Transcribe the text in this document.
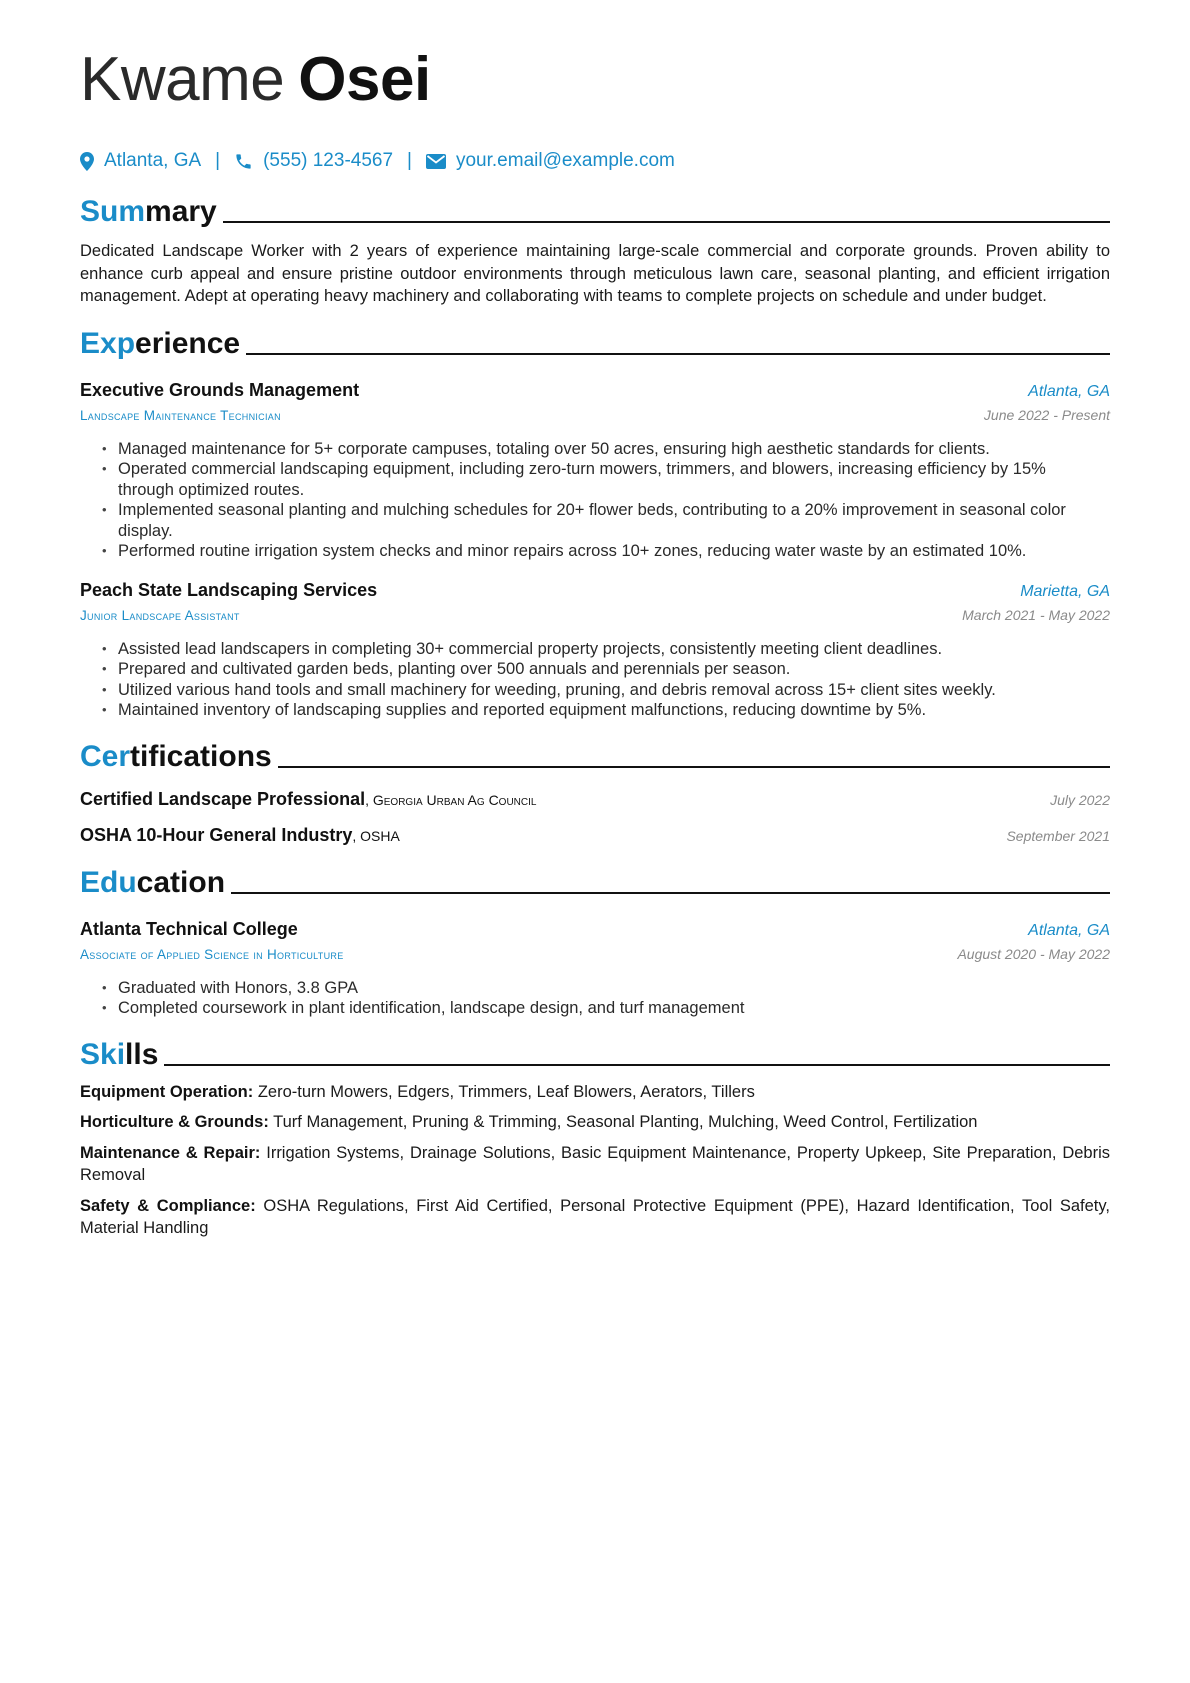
Kwame Osei
Atlanta, GA | (555) 123-4567 | your.email@example.com
Summary
Dedicated Landscape Worker with 2 years of experience maintaining large-scale commercial and corporate grounds. Proven ability to enhance curb appeal and ensure pristine outdoor environments through meticulous lawn care, seasonal planting, and efficient irrigation management. Adept at operating heavy machinery and collaborating with teams to complete projects on schedule and under budget.
Experience
Executive Grounds Management	Atlanta, GA
Landscape Maintenance Technician	June 2022 - Present
• Managed maintenance for 5+ corporate campuses, totaling over 50 acres, ensuring high aesthetic standards for clients.
• Operated commercial landscaping equipment, including zero-turn mowers, trimmers, and blowers, increasing efficiency by 15% through optimized routes.
• Implemented seasonal planting and mulching schedules for 20+ flower beds, contributing to a 20% improvement in seasonal color display.
• Performed routine irrigation system checks and minor repairs across 10+ zones, reducing water waste by an estimated 10%.
Peach State Landscaping Services	Marietta, GA
Junior Landscape Assistant	March 2021 - May 2022
• Assisted lead landscapers in completing 30+ commercial property projects, consistently meeting client deadlines.
• Prepared and cultivated garden beds, planting over 500 annuals and perennials per season.
• Utilized various hand tools and small machinery for weeding, pruning, and debris removal across 15+ client sites weekly.
• Maintained inventory of landscaping supplies and reported equipment malfunctions, reducing downtime by 5%.
Certifications
Certified Landscape Professional, Georgia Urban Ag Council	July 2022
OSHA 10-Hour General Industry, OSHA	September 2021
Education
Atlanta Technical College	Atlanta, GA
Associate of Applied Science in Horticulture	August 2020 - May 2022
• Graduated with Honors, 3.8 GPA
• Completed coursework in plant identification, landscape design, and turf management
Skills
Equipment Operation: Zero-turn Mowers, Edgers, Trimmers, Leaf Blowers, Aerators, Tillers
Horticulture & Grounds: Turf Management, Pruning & Trimming, Seasonal Planting, Mulching, Weed Control, Fertilization
Maintenance & Repair: Irrigation Systems, Drainage Solutions, Basic Equipment Maintenance, Property Upkeep, Site Preparation, Debris Removal
Safety & Compliance: OSHA Regulations, First Aid Certified, Personal Protective Equipment (PPE), Hazard Identification, Tool Safety, Material Handling
